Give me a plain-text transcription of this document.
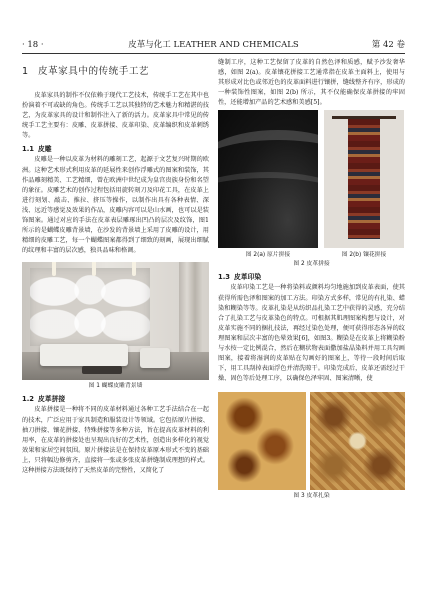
· 18 ·	皮革与化工 LEATHER AND CHEMICALS	第 42 卷
1 皮革家具中的传统手工艺

皮革家具的制作不仅依赖于现代工艺技术，传统手工艺在其中也扮演着不可或缺的角色。传统手工艺以其独特的艺术魅力和精湛的技艺，为皮革家具的设计和制作注入了新的活力。皮革家具中常见的传统手工艺主要有：皮雕、皮革拼接、皮革印染、皮革编织和皮革刺绣等。

1.1 皮雕

皮雕是一种以皮革为材料的雕刻工艺，起源于文艺复兴时期的欧洲。这种艺术形式利用皮革的延展性来创作浮雕式的图案和装饰，其作品雕刻精美、工艺精细，曾在欧洲中世纪成为皇宫贵族身份和名望的象征。皮雕艺术的创作过程包括用旋转刻刀及印花工具，在皮革上进行刻划、敲击、推拉、挤压等操作，以制作出具有各种表情、深浅、远近等感觉及效果的作品，皮雕内容可以是山水画，也可以是装饰图案。通过对应的手法在皮革表层雕琢出凹凸的层次及纹饰，图1所示的是蝴蝶皮雕背景墙，在沙发的背景墙上采用了皮雕的设计，用精细的皮雕工艺，每一个蝴蝶图案都得到了细致的刻画，展现出细腻的纹理和丰富的层次感，独具品味和格调。

图 1 蝴蝶皮雕背景墙
1.2 皮革拼接

皮革拼接是一种将不同的皮革材料通过各种工艺手法结合在一起的技术，广泛应用于家具制造和服装设计等领域。它包括原片拼接、抽刀拼接、镶花拼接、特殊拼接等多种方法，旨在提高皮革材料的利用率，在皮革的拼接处也呈现出良好的艺术性，创造出多样化的视觉效果和家居空间氛围。原片拼接法是在保持皮革原本形式不变的基础上，只将幅边修剪齐，直接将一张或多张皮革拼缝制成理想的样式。这种拼接方法既保持了天然皮革的完整性，又简化了

缝制工序，这种工艺保留了皮革的自然色泽和质感，赋予沙发奢华感，如图 2(a)。皮革镶花拼接工艺通常指在皮革主面料上，使用与其形成对比色或邻近色的皮革面料进行镶拼，缝线整齐有序，形成的一种装饰性图案，如图 2(b) 所示，其不仅能确保皮革拼接的牢固性，还能增加产品的艺术感和美感[5]。

图 2(a) 原片拼接	图 2(b) 镶花拼接
图 2 皮革拼接
1.3 皮革印染

皮革印染工艺是一种将染料或颜料均匀地施加到皮革表面，使其获得所需色泽和图案的加工方法。印染方式多样，常见的有扎染、蜡染和糊染等等。皮革扎染是从纺织品扎染工艺中获得的灵感，充分结合了扎染工艺与皮革染色的特点。可根据其肌理图案构想与设计，对皮革实施不同的捆扎技法，再经过染色处理，便可获得形态各异的纹理图案和层次丰富的色晕效果[6]，如图3。糊染是在皮革上将糊染粉与水按一定比例混合，然后在糊状物表面撒加盐晶染料并用工具勾画图案，接着将湿润的皮革贴在勾画好的图案上，等待一段时间后取下，用工具刮掉表面浮色并清洗晾干。印染完成后，皮革还需经过干燥、固色等后处理工序，以确保色泽牢固、图案清晰，使

图 3 皮革扎染
